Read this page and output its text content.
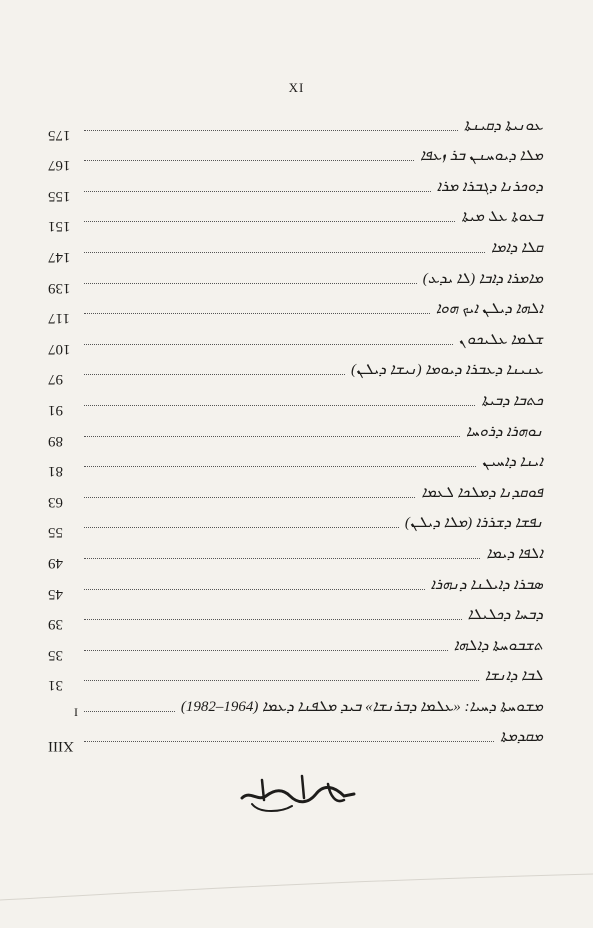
XI
ܥܘܢܝܬܐ ܕܩܝܢܬܐ
175
ܡܠܐ ܕܝܘܚܢܢ ܒܪ ܙܥܦܐ
167
ܕܘܟܪܢܐ ܕܓܒܪܐ ܡܪܐ
155
ܒܥܘܬܐ ܥܠ ܡܝܬܐ
151
ܩܠܐ ܕܐܡܐ
147
ܡܐܡܪܐ ܕܐܒܐ (ܠܐ ܝܕܥ)
139
ܐܠܗܐ ܕܝܠܢ ܐܝܟ ܗܘܐ
117
ܫܠܡܐ ܥܠܝܟܘܢ
107
ܥܢܝܢܐ ܕܥܒܪܐ ܕܝܘܡܐ (ܢܝܫܐ ܕܝܠܢ)
97
ܟܬܒܐ ܕܒܝܬܐ
91
ܢܘܗܪܐ ܕܪܘܚܐ
89
ܐܝܢܐ ܕܐܚܝܢ
81
ܦܘܩܕܢܐ ܕܡܠܟܐ ܠܥܡܐ
63
ܢܦܫܐ ܕܫܪܪܐ (ܡܠܐ ܕܝܠܢ)
55
ܐܠܦܐ ܕܝܡܐ
49
ܣܒܪܐ ܕܐܝܠܢܐ ܕܢܗܪܐ
45
ܕܒܚܐ ܕܟܠܝܠܐ
39
ܬܫܒܘܚܬܐ ܕܐܠܗܐ
35
ܠܒܐ ܕܐܢܫܐ
31
ܡܫܘܚܬܐ ܕܚܝܐ: «ܥܠܡܐ ܕܒܪܢܫܐ» ܒܝܕ ܡܠܦܢܐ ܕܥܡܐ (1964–1982)
I
ܡܩܕܡܬܐ
XIII
